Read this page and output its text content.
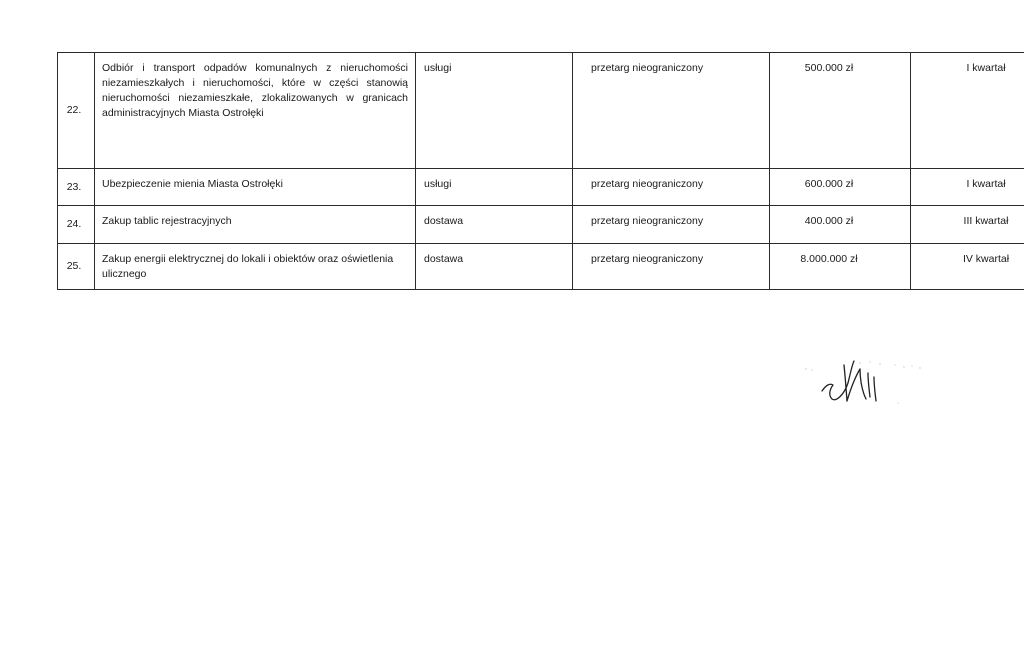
22.	Odbiór i transport odpadów komunalnych z nieruchomości niezamieszkałych i nieruchomości, które w części stanowią nieruchomości niezamieszkałe, zlokalizowanych w granicach administracyjnych Miasta Ostrołęki	usługi	przetarg nieograniczony	500.000 zł	I kwartał
23.	Ubezpieczenie mienia Miasta Ostrołęki	usługi	przetarg nieograniczony	600.000 zł	I kwartał
24.	Zakup tablic rejestracyjnych	dostawa	przetarg nieograniczony	400.000 zł	III kwartał
25.	Zakup energii elektrycznej do lokali i obiektów oraz oświetlenia ulicznego	dostawa	przetarg nieograniczony	8.000.000 zł	IV kwartał
